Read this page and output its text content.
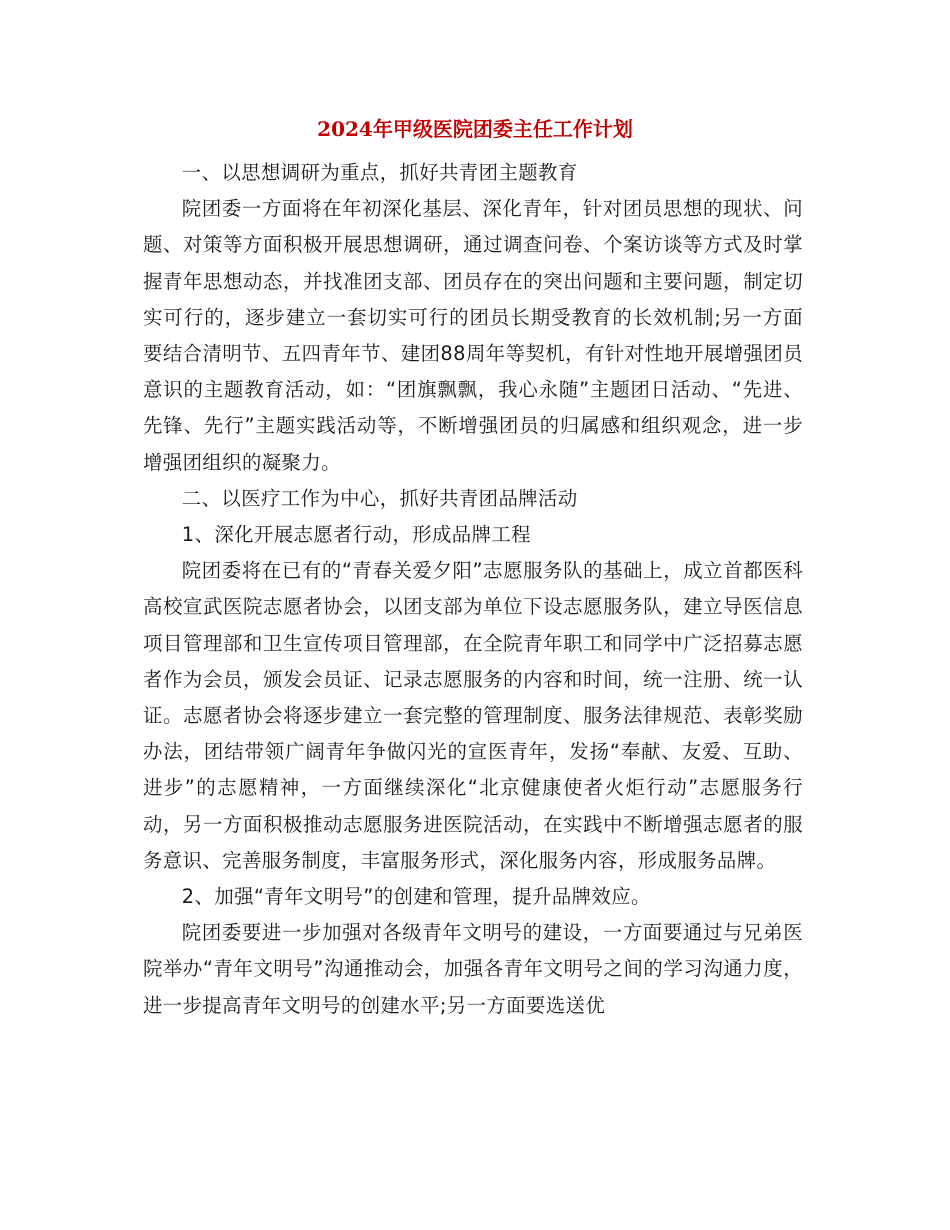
2024年甲级医院团委主任工作计划

一、以思想调研为重点，抓好共青团主题教育

院团委一方面将在年初深化基层、深化青年，针对团员思想的现状、问题、对策等方面积极开展思想调研，通过调查问卷、个案访谈等方式及时掌握青年思想动态，并找准团支部、团员存在的突出问题和主要问题，制定切实可行的，逐步建立一套切实可行的团员长期受教育的长效机制;另一方面要结合清明节、五四青年节、建团88周年等契机，有针对性地开展增强团员意识的主题教育活动，如：“团旗飘飘，我心永随”主题团日活动、“先进、先锋、先行”主题实践活动等，不断增强团员的归属感和组织观念，进一步增强团组织的凝聚力。

二、以医疗工作为中心，抓好共青团品牌活动

1、深化开展志愿者行动，形成品牌工程

院团委将在已有的“青春关爱夕阳”志愿服务队的基础上，成立首都医科高校宣武医院志愿者协会，以团支部为单位下设志愿服务队，建立导医信息项目管理部和卫生宣传项目管理部，在全院青年职工和同学中广泛招募志愿者作为会员，颁发会员证、记录志愿服务的内容和时间，统一注册、统一认证。志愿者协会将逐步建立一套完整的管理制度、服务法律规范、表彰奖励办法，团结带领广阔青年争做闪光的宣医青年，发扬“奉献、友爱、互助、进步”的志愿精神，一方面继续深化“北京健康使者火炬行动”志愿服务行动，另一方面积极推动志愿服务进医院活动，在实践中不断增强志愿者的服务意识、完善服务制度，丰富服务形式，深化服务内容，形成服务品牌。

2、加强“青年文明号”的创建和管理，提升品牌效应。

院团委要进一步加强对各级青年文明号的建设，一方面要通过与兄弟医院举办“青年文明号”沟通推动会，加强各青年文明号之间的学习沟通力度，进一步提高青年文明号的创建水平;另一方面要选送优
